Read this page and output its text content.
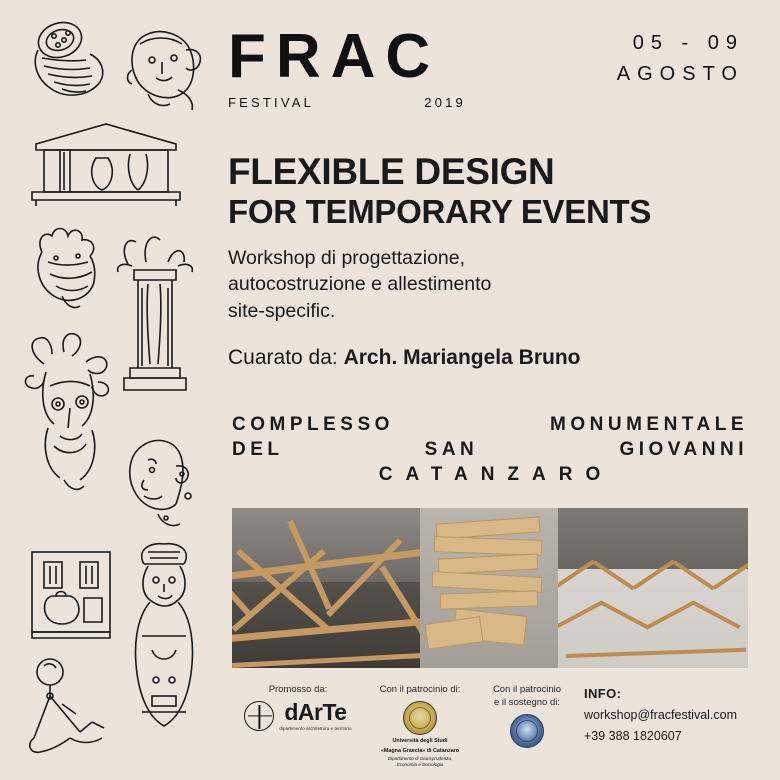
FRAC
FESTIVAL	2019
05 - 09
AGOSTO
FLEXIBLE DESIGN
FOR TEMPORARY EVENTS
Workshop di progettazione,
autocostruzione e allestimento
site-specific.
Cuarato da: Arch. Mariangela Bruno
COMPLESSO	MONUMENTALE
DEL	SAN	GIOVANNI
CATANZARO
Promosso da:
dArTe
dipartimento architettura e territorio
Con il patrocinio di:
Università degli Studi
«Magna Graecia» di Catanzaro
Dipartimento di Giurisprudenza,
Economia e Sociologia
Con il patrocinio
e il sostegno di:
INFO:
workshop@fracfestival.com
+39 388 1820607
